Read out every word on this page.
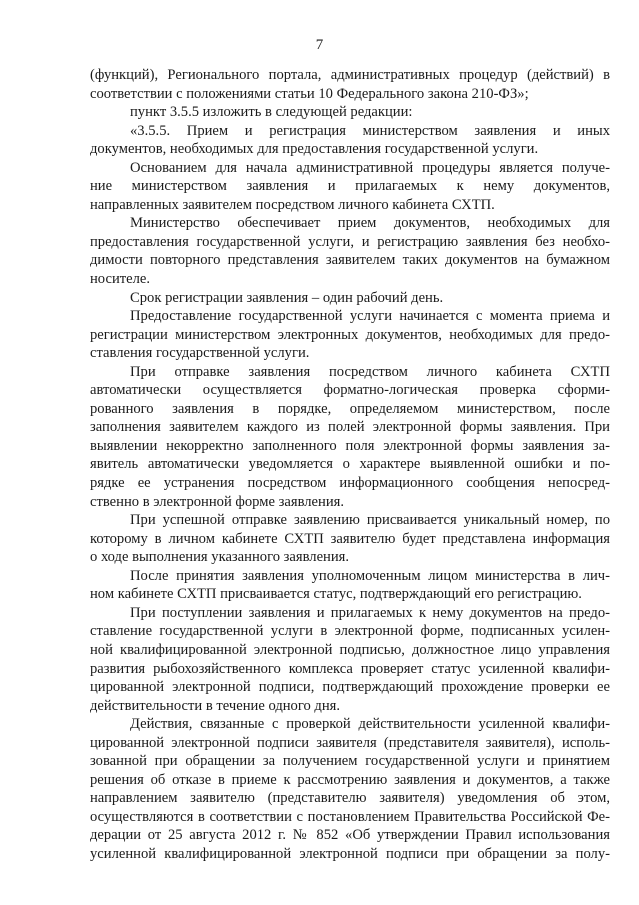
7
(функций), Регионального портала, административных процедур (действий) в
соответствии с положениями статьи 10 Федерального закона 210-ФЗ»;
пункт 3.5.5 изложить в следующей редакции:
«3.5.5. Прием и регистрация министерством заявления и иных
документов, необходимых для предоставления государственной услуги.
Основанием для начала административной процедуры является получе-
ние министерством заявления и прилагаемых к нему документов,
направленных заявителем посредством личного кабинета СХТП.
Министерство обеспечивает прием документов, необходимых для
предоставления государственной услуги, и регистрацию заявления без необхо-
димости повторного представления заявителем таких документов на бумажном
носителе.
Срок регистрации заявления – один рабочий день.
Предоставление государственной услуги начинается с момента приема и
регистрации министерством электронных документов, необходимых для предо-
ставления государственной услуги.
При отправке заявления посредством личного кабинета СХТП
автоматически осуществляется форматно-логическая проверка сформи-
рованного заявления в порядке, определяемом министерством, после
заполнения заявителем каждого из полей электронной формы заявления. При
выявлении некорректно заполненного поля электронной формы заявления за-
явитель автоматически уведомляется о характере выявленной ошибки и по-
рядке ее устранения посредством информационного сообщения непосред-
ственно в электронной форме заявления.
При успешной отправке заявлению присваивается уникальный номер, по
которому в личном кабинете СХТП заявителю будет представлена информация
о ходе выполнения указанного заявления.
После принятия заявления уполномоченным лицом министерства в лич-
ном кабинете СХТП присваивается статус, подтверждающий его регистрацию.
При поступлении заявления и прилагаемых к нему документов на предо-
ставление государственной услуги в электронной форме, подписанных усилен-
ной квалифицированной электронной подписью, должностное лицо управления
развития рыбохозяйственного комплекса проверяет статус усиленной квалифи-
цированной электронной подписи, подтверждающий прохождение проверки ее
действительности в течение одного дня.
Действия, связанные с проверкой действительности усиленной квалифи-
цированной электронной подписи заявителя (представителя заявителя), исполь-
зованной при обращении за получением государственной услуги и принятием
решения об отказе в приеме к рассмотрению заявления и документов, а также
направлением заявителю (представителю заявителя) уведомления об этом,
осуществляются в соответствии с постановлением Правительства Российской Фе-
дерации от 25 августа 2012 г. № 852 «Об утверждении Правил использования
усиленной квалифицированной электронной подписи при обращении за полу-
